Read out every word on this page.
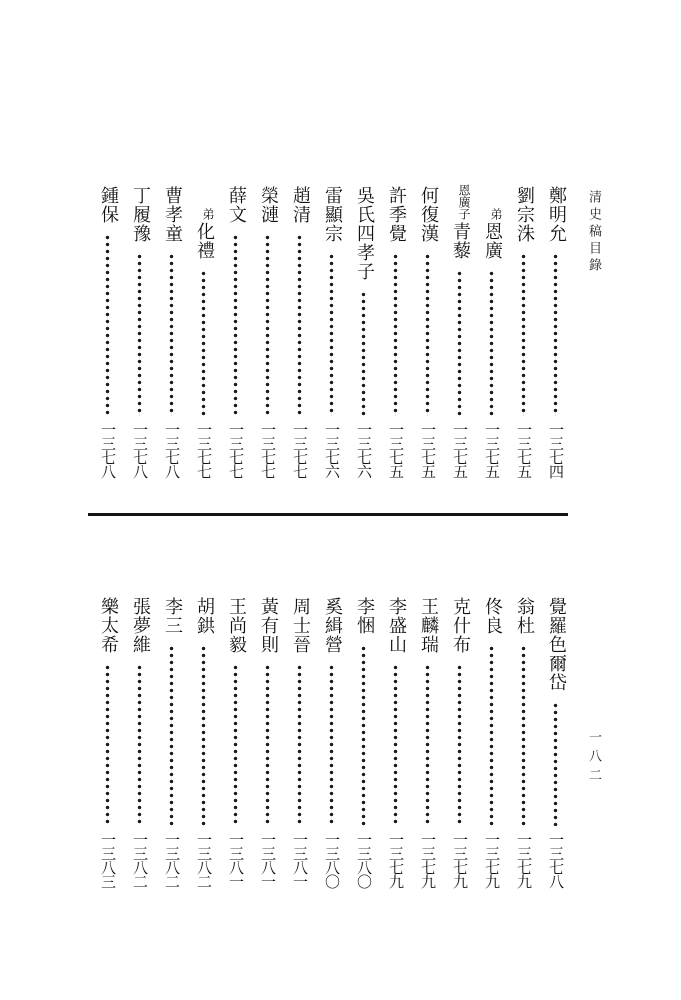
清史稿目錄
一八二
鄭明允
一三七四
劉宗洙
一三七五
弟
恩廣
一三七五
恩廣子
青藜
一三七五
何復漢
一三七五
許季覺
一三七五
吳氏四孝子
一三七六
雷顯宗
一三七六
趙清
一三七七
榮漣
一三七七
薛文
一三七七
弟
化禮
一三七七
曹孝童
一三七八
丁履豫
一三七八
鍾保
一三七八
覺羅色爾岱
一三七八
翁杜
一三七九
佟良
一三七九
克什布
一三七九
王麟瑞
一三七九
李盛山
一三七九
李悃
一三八〇
奚緝營
一三八〇
周士晉
一三八一
黃有則
一三八一
王尚毅
一三八一
胡鉷
一三八二
李三
一三八二
張夢維
一三八二
樂太希
一三八三
